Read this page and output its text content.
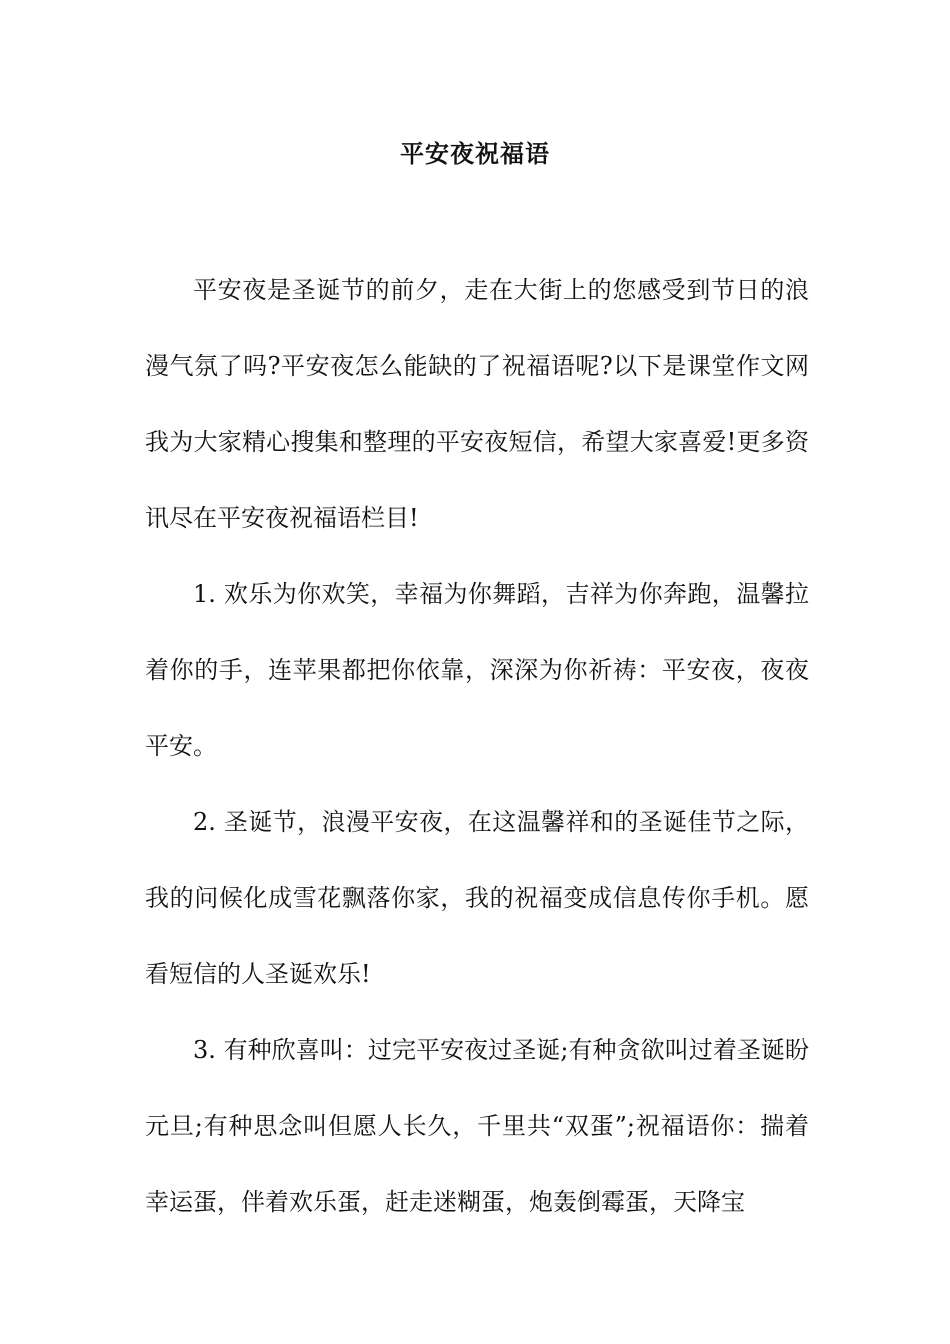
平安夜祝福语

平安夜是圣诞节的前夕，走在大街上的您感受到节日的浪漫气氛了吗?平安夜怎么能缺的了祝福语呢?以下是课堂作文网我为大家精心搜集和整理的平安夜短信，希望大家喜爱!更多资讯尽在平安夜祝福语栏目!

1. 欢乐为你欢笑，幸福为你舞蹈，吉祥为你奔跑，温馨拉着你的手，连苹果都把你依靠，深深为你祈祷：平安夜，夜夜平安。

2. 圣诞节，浪漫平安夜，在这温馨祥和的圣诞佳节之际，我的问候化成雪花飘落你家，我的祝福变成信息传你手机。愿看短信的人圣诞欢乐!

3. 有种欣喜叫：过完平安夜过圣诞;有种贪欲叫过着圣诞盼元旦;有种思念叫但愿人长久，千里共“双蛋”;祝福语你：揣着幸运蛋，伴着欢乐蛋，赶走迷糊蛋，炮轰倒霉蛋，天降宝
